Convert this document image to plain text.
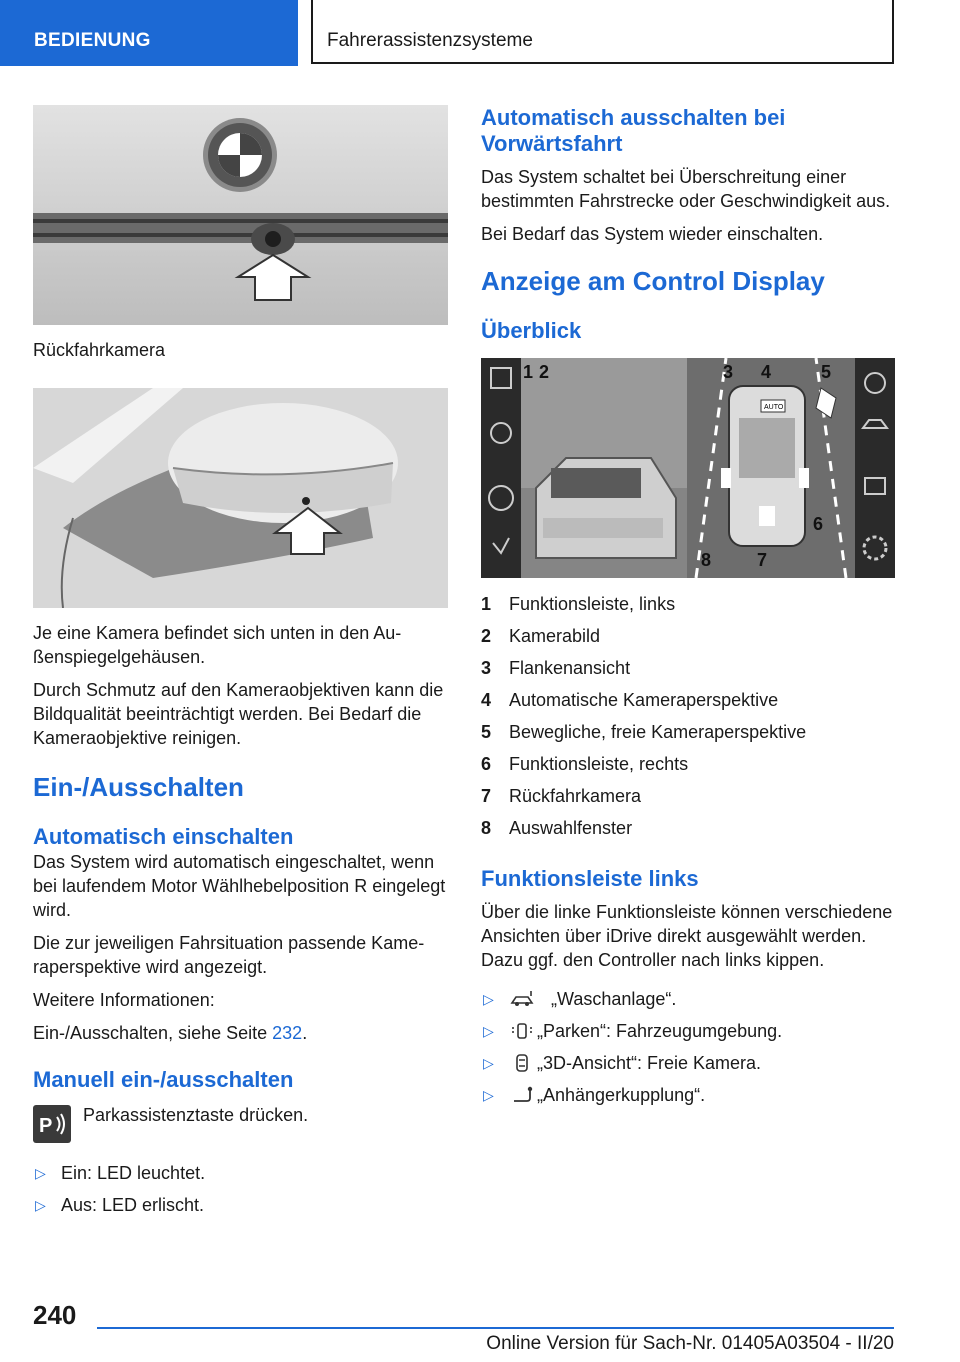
BEDIENUNG	Fahrerassistenzsysteme
Rückfahrkamera

Je eine Kamera befindet sich unten in den Außenspiegelgehäusen.

Durch Schmutz auf den Kameraobjektiven kann die Bildqualität beeinträchtigt werden. Bei Bedarf die Kameraobjektive reinigen.

Ein-/Ausschalten
Automatisch einschalten

Das System wird automatisch eingeschaltet, wenn bei laufendem Motor Wählhebelposition R eingelegt wird.

Die zur jeweiligen Fahrsituation passende Kameraperspektive wird angezeigt.

Weitere Informationen:

Ein-/Ausschalten, siehe Seite 232.

Manuell ein-/ausschalten
P Parkassistenztaste drücken.
▷ Ein: LED leuchtet.
▷ Aus: LED erlischt.
Automatisch ausschalten bei Vorwärtsfahrt

Das System schaltet bei Überschreitung einer bestimmten Fahrstrecke oder Geschwindigkeit aus.

Bei Bedarf das System wieder einschalten.

Anzeige am Control Display
Überblick
AUTO
1 2	3 4	5
6
7
8
1 Funktionsleiste, links
2 Kamerabild
3 Flankenansicht
4 Automatische Kameraperspektive
5 Bewegliche, freie Kameraperspektive
6 Funktionsleiste, rechts
7 Rückfahrkamera
8 Auswahlfenster
Funktionsleiste links

Über die linke Funktionsleiste können verschiedene Ansichten über iDrive direkt ausgewählt werden. Dazu ggf. den Controller nach links kippen.

▷	„Waschanlage“.
▷ „Parken“: Fahrzeugumgebung.
▷ „3D-Ansicht“: Freie Kamera.
▷ „Anhängerkupplung“.
240
Online Version für Sach-Nr. 01405A03504 - II/20
